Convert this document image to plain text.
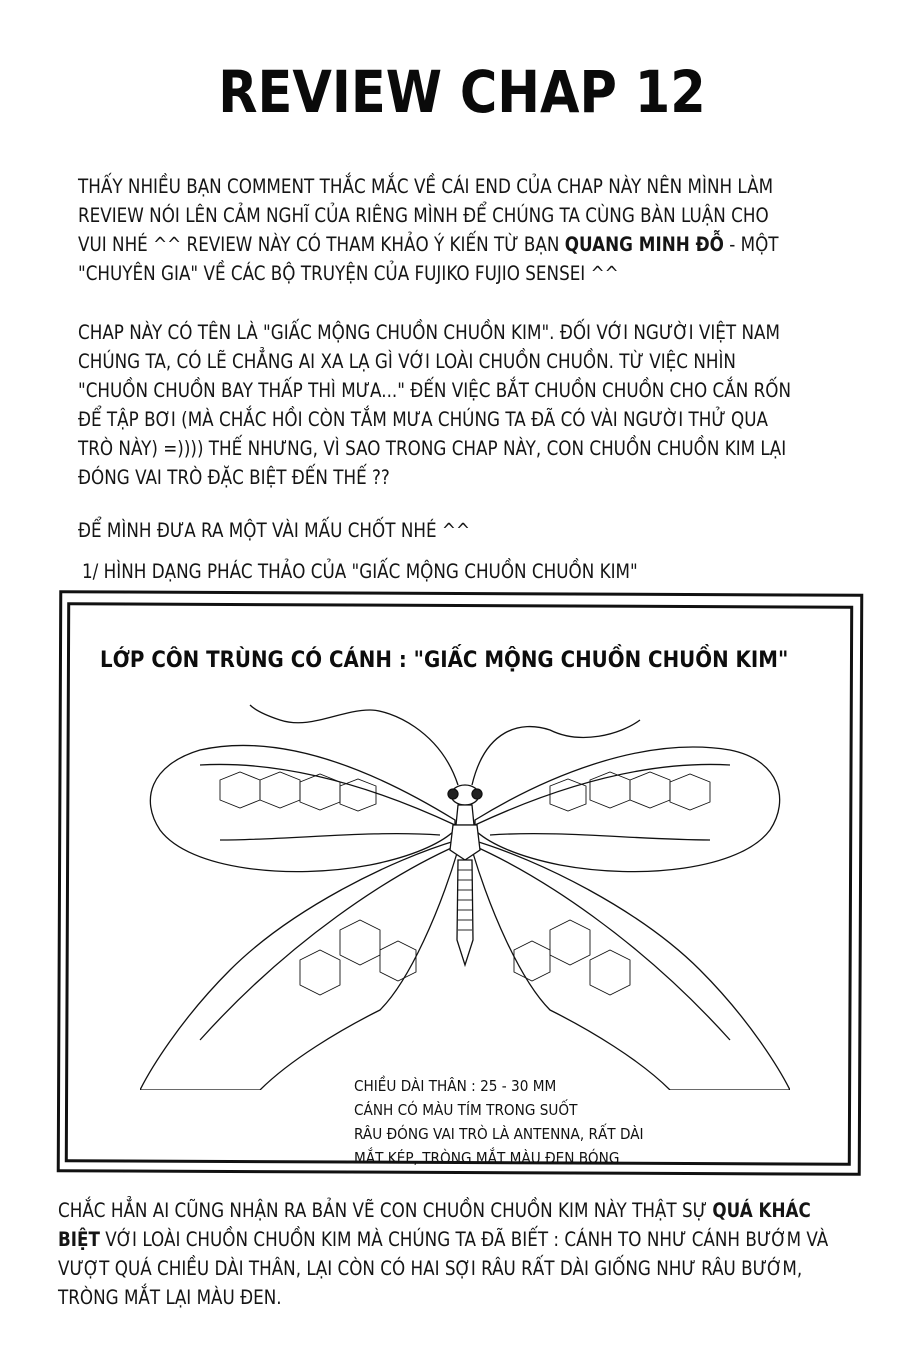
REVIEW CHAP 12
THẤY NHIỀU BẠN COMMENT THẮC MẮC VỀ CÁI END CỦA CHAP NÀY NÊN MÌNH LÀM
REVIEW NÓI LÊN CẢM NGHĨ CỦA RIÊNG MÌNH ĐỂ CHÚNG TA CÙNG BÀN LUẬN CHO
VUI NHÉ ^^ REVIEW NÀY CÓ THAM KHẢO Ý KIẾN TỪ BẠN QUANG MINH ĐỖ - MỘT
"CHUYÊN GIA" VỀ CÁC BỘ TRUYỆN CỦA FUJIKO FUJIO SENSEI ^^
CHAP NÀY CÓ TÊN LÀ "GIẤC MỘNG CHUỒN CHUỒN KIM". ĐỐI VỚI NGƯỜI VIỆT NAM
CHÚNG TA, CÓ LẼ CHẲNG AI XA LẠ GÌ VỚI LOÀI CHUỒN CHUỒN. TỪ VIỆC NHÌN
"CHUỒN CHUỒN BAY THẤP THÌ MƯA..." ĐẾN VIỆC BẮT CHUỒN CHUỒN CHO CẮN RỐN
ĐỂ TẬP BƠI (MÀ CHẮC HỒI CÒN TẮM MƯA CHÚNG TA ĐÃ CÓ VÀI NGƯỜI THỬ QUA
TRÒ NÀY) =)))) THẾ NHƯNG, VÌ SAO TRONG CHAP NÀY, CON CHUỒN CHUỒN KIM LẠI
ĐÓNG VAI TRÒ ĐẶC BIỆT ĐẾN THẾ ??
ĐỂ MÌNH ĐƯA RA MỘT VÀI MẤU CHỐT NHÉ ^^
1/ HÌNH DẠNG PHÁC THẢO CỦA "GIẤC MỘNG CHUỒN CHUỒN KIM"
LỚP CÔN TRÙNG CÓ CÁNH : "GIẤC MỘNG CHUỒN CHUỒN KIM"
CHIỀU DÀI THÂN : 25 - 30 MM
CÁNH CÓ MÀU TÍM TRONG SUỐT
RÂU ĐÓNG VAI TRÒ LÀ ANTENNA, RẤT DÀI
MẮT KÉP, TRÒNG MẮT MÀU ĐEN BÓNG
CHẮC HẲN AI CŨNG NHẬN RA BẢN VẼ CON CHUỒN CHUỒN KIM NÀY THẬT SỰ QUÁ KHÁC
BIỆT VỚI LOÀI CHUỒN CHUỒN KIM MÀ CHÚNG TA ĐÃ BIẾT : CÁNH TO NHƯ CÁNH BƯỚM VÀ
VƯỢT QUÁ CHIỀU DÀI THÂN, LẠI CÒN CÓ HAI SỢI RÂU RẤT DÀI GIỐNG NHƯ RÂU BƯỚM,
TRÒNG MẮT LẠI MÀU ĐEN.
